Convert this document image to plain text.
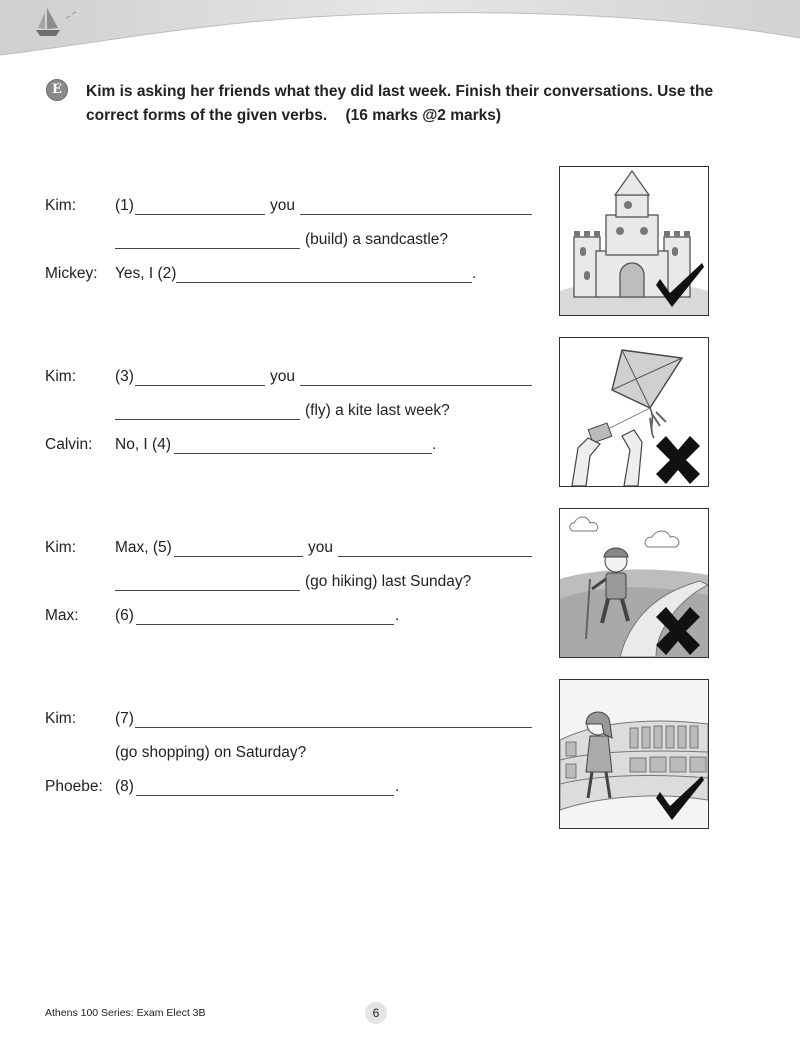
E	Kim is asking her friends what they did last week. Finish their conversations. Use the correct forms of the given verbs. (16 marks @2 marks)
Kim:	(1)	you
(build) a sandcastle?
Mickey: Yes, I (2)	.
Kim:	(3)	you
(fly) a kite last week?
Calvin: No, I (4)	.
Kim:	Max, (5)	you
(go hiking) last Sunday?
Max: (6)	.
Kim:	(7)
(go shopping) on Saturday?
Phoebe: (8)	.
Athens 100 Series: Exam Elect 3B	6
